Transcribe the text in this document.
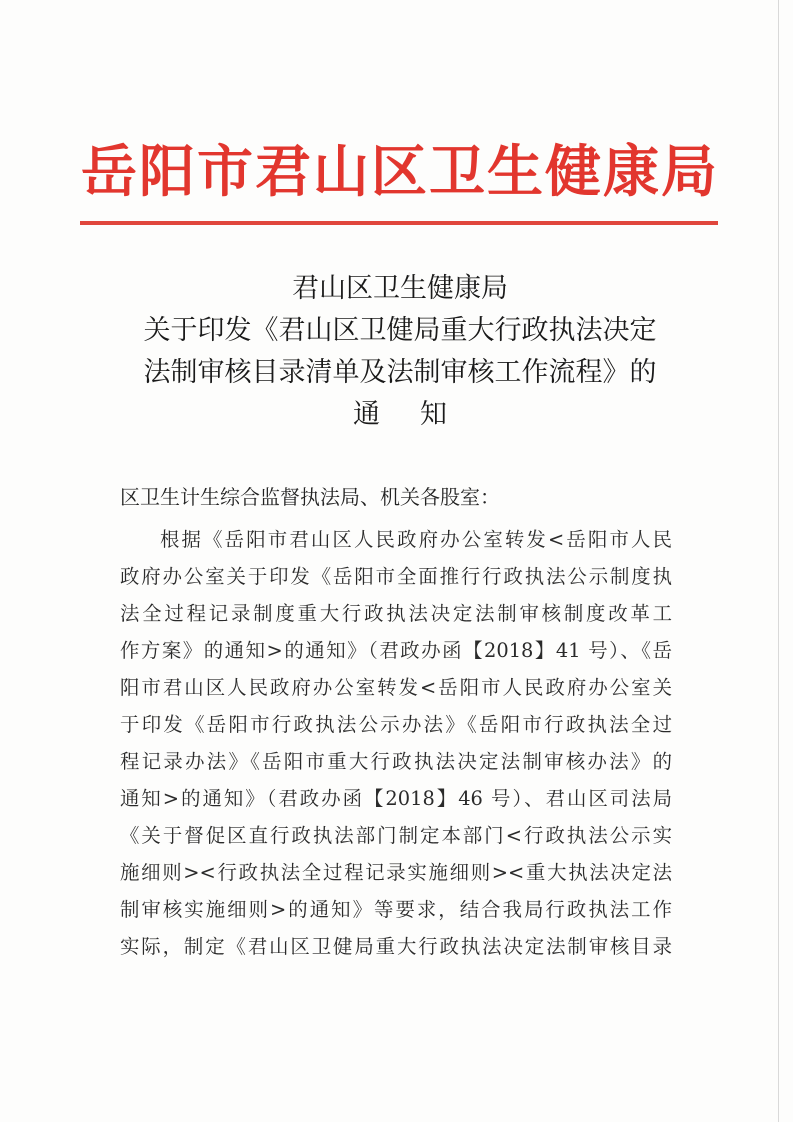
岳阳市君山区卫生健康局
君山区卫生健康局
关于印发《君山区卫健局重大行政执法决定
法制审核目录清单及法制审核工作流程》的
通知
区卫生计生综合监督执法局、机关各股室：
根据《岳阳市君山区人民政府办公室转发<岳阳市人民
政府办公室关于印发《岳阳市全面推行行政执法公示制度执
法全过程记录制度重大行政执法决定法制审核制度改革工
作方案》的通知>的通知》（君政办函【2018】41 号）、《岳
阳市君山区人民政府办公室转发<岳阳市人民政府办公室关
于印发《岳阳市行政执法公示办法》《岳阳市行政执法全过
程记录办法》《岳阳市重大行政执法决定法制审核办法》的
通知>的通知》（君政办函【2018】46 号）、君山区司法局
《关于督促区直行政执法部门制定本部门<行政执法公示实
施细则><行政执法全过程记录实施细则><重大执法决定法
制审核实施细则>的通知》等要求，结合我局行政执法工作
实际，制定《君山区卫健局重大行政执法决定法制审核目录
